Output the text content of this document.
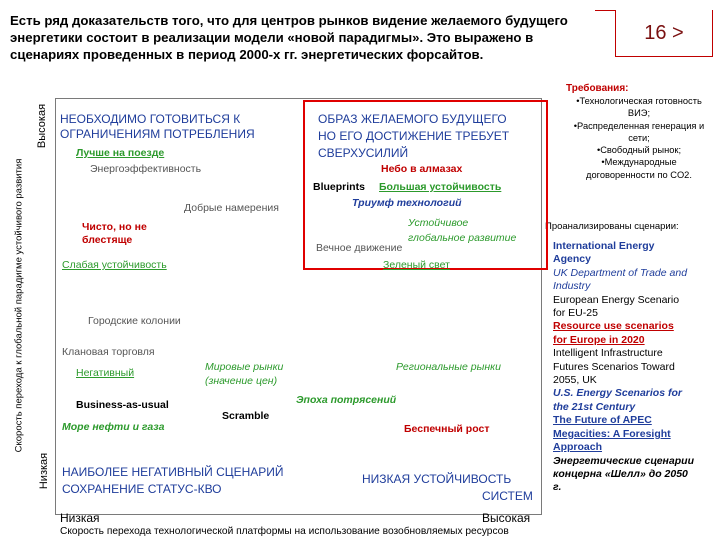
Есть ряд доказательств того, что для центров рынков видение желаемого будущего энергетики состоит в реализации модели «новой парадигмы». Это выражено в сценариях проведенных в период 2000-х гг. энергетических форсайтов.
16 >
Требования:
•Технологическая готовность ВИЭ;
•Распределенная генерация и сети;
•Свободный рынок;
•Международные договоренности по CO2.
Проанализированы сценарии:
International Energy
Agency
UK Department of Trade and
Industry
European Energy Scenario
for EU-25
Resource use scenarios
for Europe in 2020
Intelligent Infrastructure
Futures Scenarios Toward
2055, UK
U.S. Energy Scenarios for
the 21st Century
The Future of APEC
Megacities: A Foresight
Approach
Энергетические сценарии
концерна «Шелл» до 2050
г.
Скорость перехода к глобальной парадигме устойчивого развития
Высокая
Низкая
Низкая	Высокая
Скорость перехода технологической платформы на использование возобновляемых ресурсов
НЕОБХОДИМО ГОТОВИТЬСЯ К
ОГРАНИЧЕНИЯМ ПОТРЕБЛЕНИЯ
ОБРАЗ ЖЕЛАЕМОГО БУДУЩЕГО
НО ЕГО ДОСТИЖЕНИЕ ТРЕБУЕТ
СВЕРХУСИЛИЙ
НАИБОЛЕЕ НЕГАТИВНЫЙ СЦЕНАРИЙ
СОХРАНЕНИЕ СТАТУС-КВО
НИЗКАЯ УСТОЙЧИВОСТЬ
СИСТЕМ
Лучше на поезде
Энергоэффективность
Добрые намерения
Чисто, но не
блестяще
Слабая устойчивость
Городские колонии
Клановая торговля
Негативный	Мировые рынки
(значение цен)
Региональные рынки
Business-as-usual	Эпоха потрясений
Scramble
Море нефти и газа	Беспечный рост
Небо в алмазах
Blueprints Большая устойчивость
Триумф технологий
Устойчивое
глобальное развитие
Вечное движение
Зеленый свет
